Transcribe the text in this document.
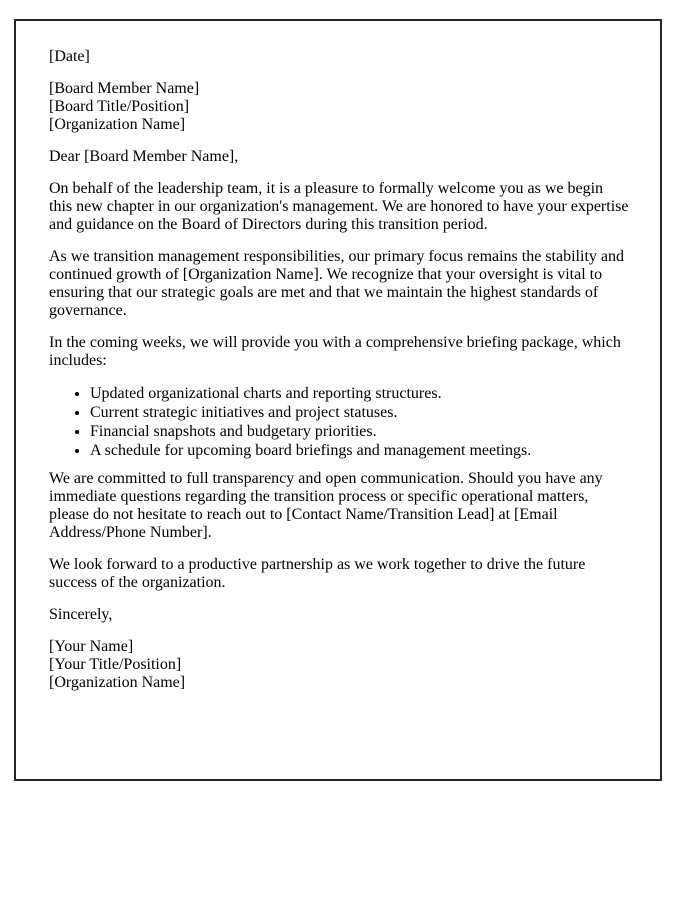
[Date]

[Board Member Name]
[Board Title/Position]
[Organization Name]

Dear [Board Member Name],

On behalf of the leadership team, it is a pleasure to formally welcome you as we begin this new chapter in our organization's management. We are honored to have your expertise and guidance on the Board of Directors during this transition period.

As we transition management responsibilities, our primary focus remains the stability and continued growth of [Organization Name]. We recognize that your oversight is vital to ensuring that our strategic goals are met and that we maintain the highest standards of governance.

In the coming weeks, we will provide you with a comprehensive briefing package, which includes:

• Updated organizational charts and reporting structures.
• Current strategic initiatives and project statuses.
• Financial snapshots and budgetary priorities.
• A schedule for upcoming board briefings and management meetings.

We are committed to full transparency and open communication. Should you have any immediate questions regarding the transition process or specific operational matters, please do not hesitate to reach out to [Contact Name/Transition Lead] at [Email Address/Phone Number].

We look forward to a productive partnership as we work together to drive the future success of the organization.

Sincerely,

[Your Name]
[Your Title/Position]
[Organization Name]
